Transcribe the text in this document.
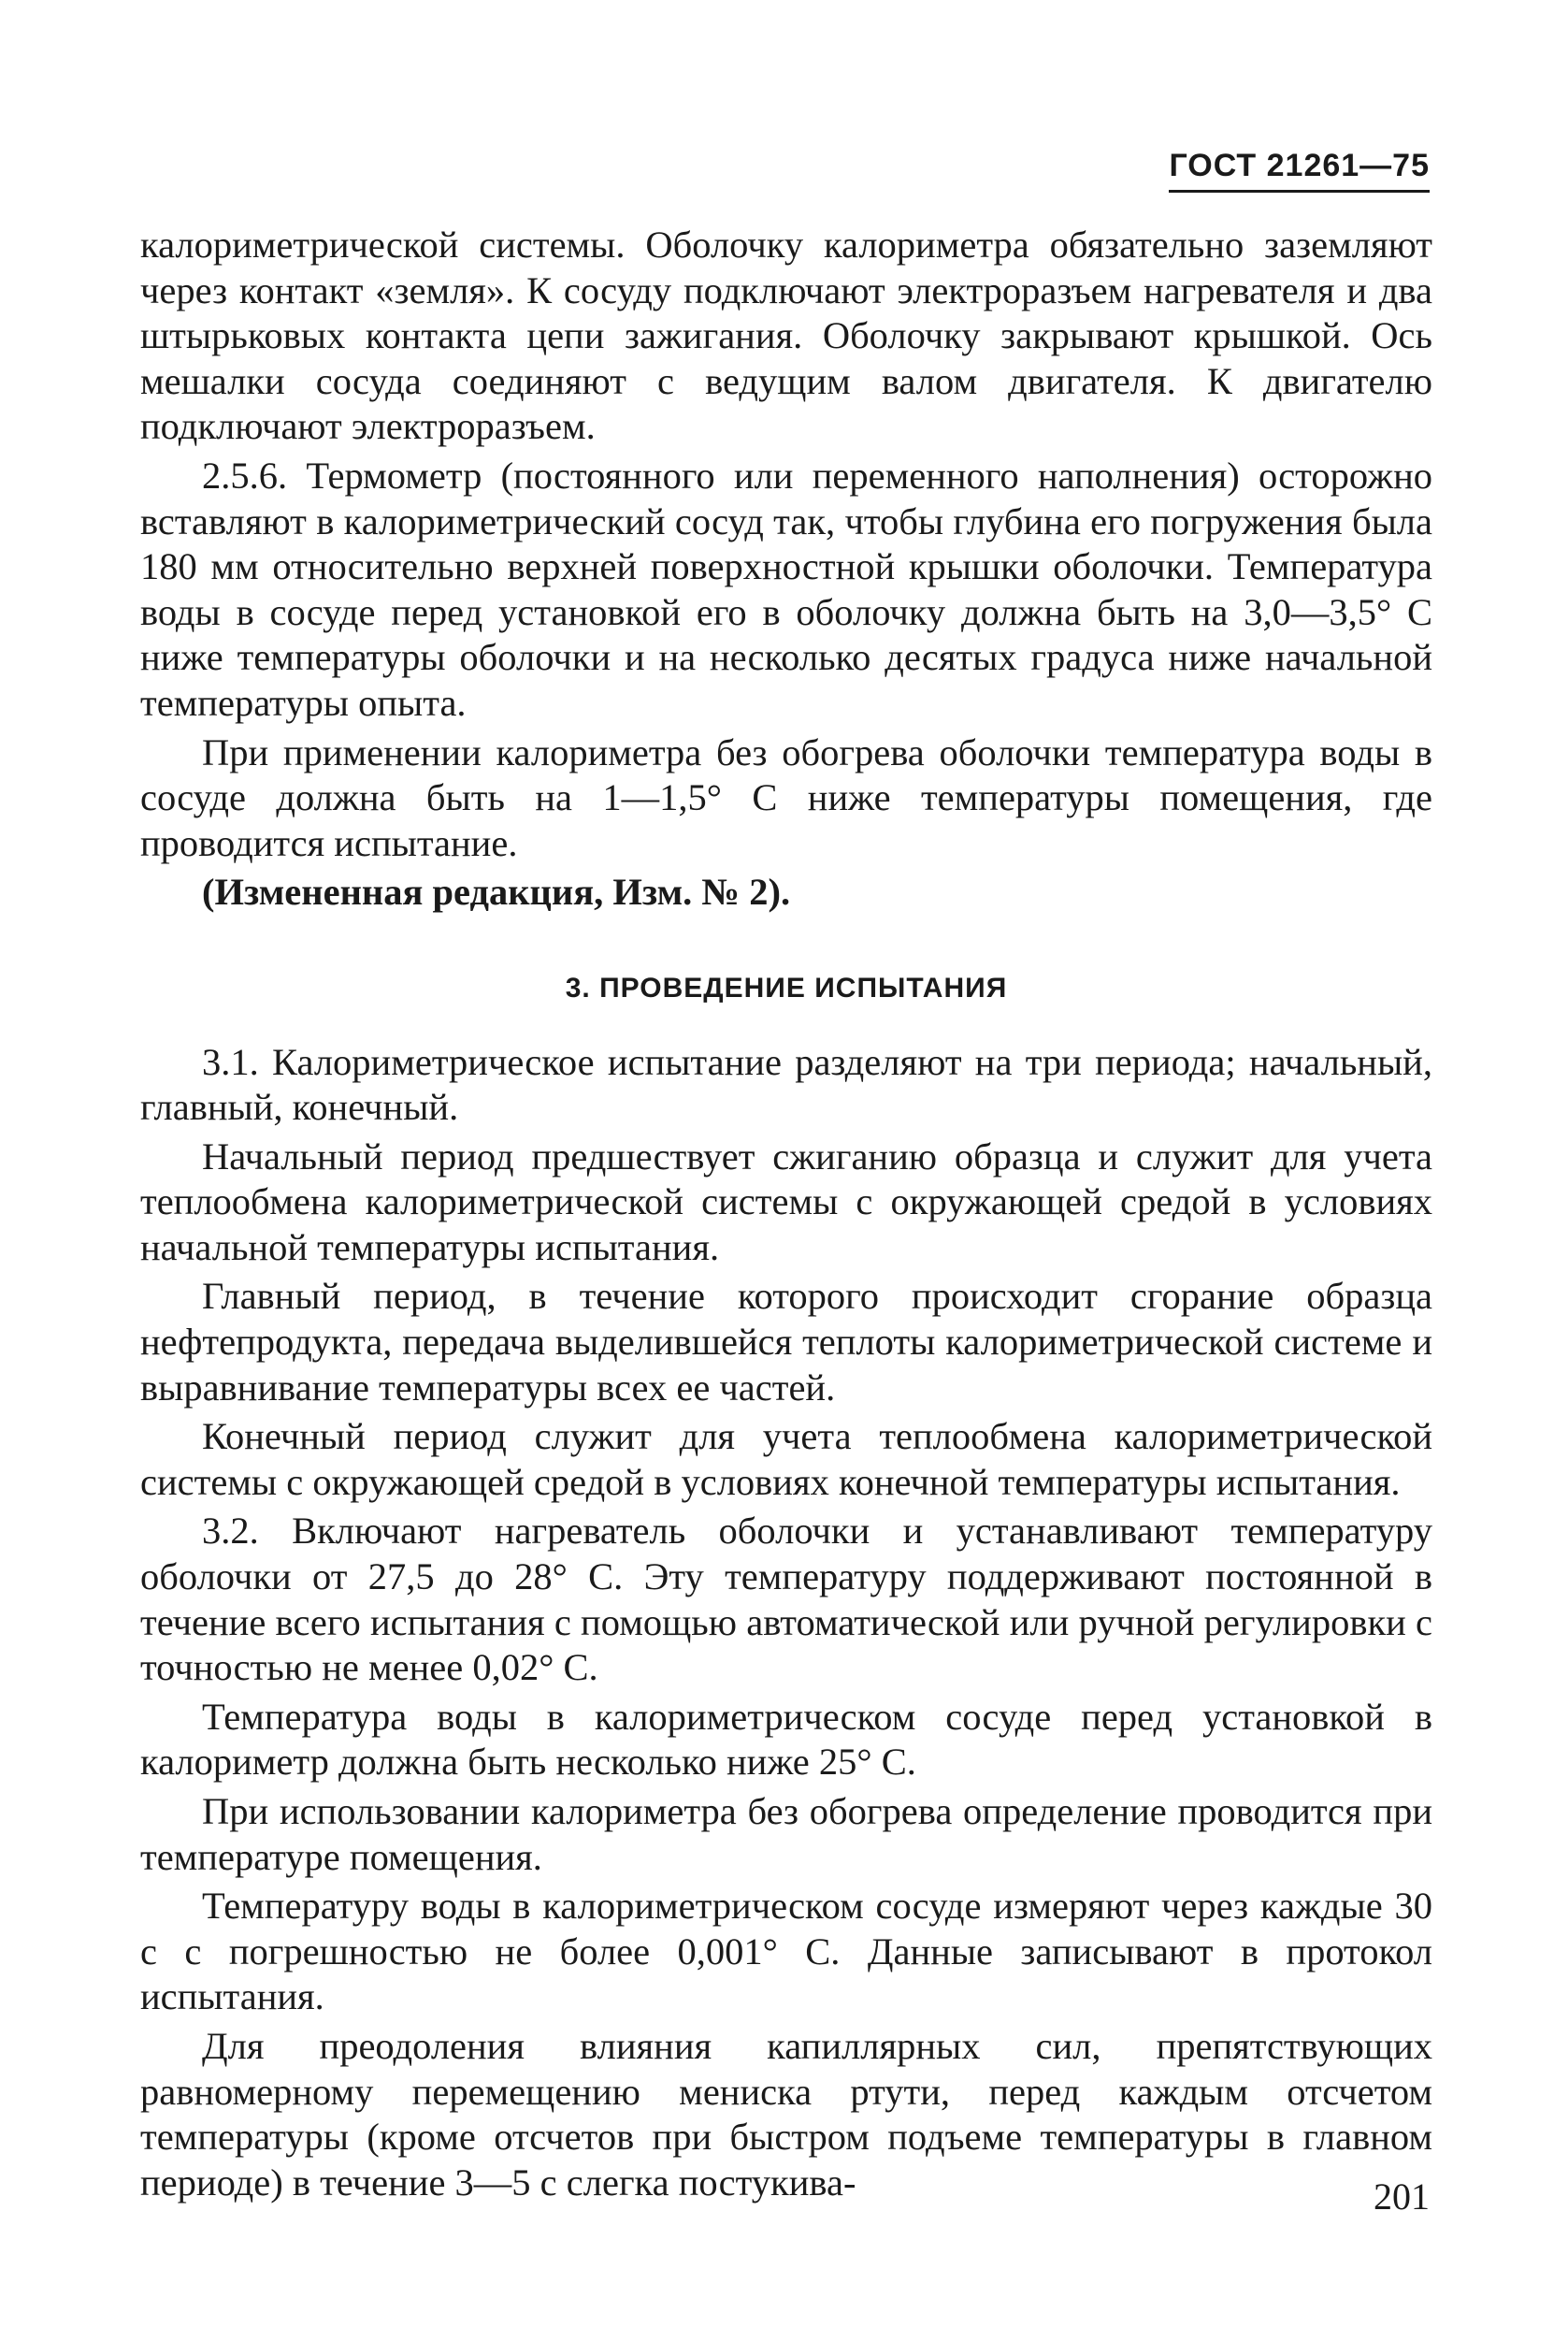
ГОСТ 21261—75

калориметрической системы. Оболочку калориметра обязательно заземляют через контакт «земля». К сосуду подключают электроразъем нагревателя и два штырьковых контакта цепи зажигания. Оболочку закрывают крышкой. Ось мешалки сосуда соединяют с ведущим валом двигателя. К двигателю подключают электроразъем.

2.5.6. Термометр (постоянного или переменного наполнения) осторожно вставляют в калориметрический сосуд так, чтобы глубина его погружения была 180 мм относительно верхней поверхностной крышки оболочки. Температура воды в сосуде перед установкой его в оболочку должна быть на 3,0—3,5° С ниже температуры оболочки и на несколько десятых градуса ниже начальной температуры опыта.

При применении калориметра без обогрева оболочки температура воды в сосуде должна быть на 1—1,5° С ниже температуры помещения, где проводится испытание.

(Измененная редакция, Изм. № 2).

3. ПРОВЕДЕНИЕ ИСПЫТАНИЯ

3.1. Калориметрическое испытание разделяют на три периода; начальный, главный, конечный.

Начальный период предшествует сжиганию образца и служит для учета теплообмена калориметрической системы с окружающей средой в условиях начальной температуры испытания.

Главный период, в течение которого происходит сгорание образца нефтепродукта, передача выделившейся теплоты калориметрической системе и выравнивание температуры всех ее частей.

Конечный период служит для учета теплообмена калориметрической системы с окружающей средой в условиях конечной температуры испытания.

3.2. Включают нагреватель оболочки и устанавливают температуру оболочки от 27,5 до 28° С. Эту температуру поддерживают постоянной в течение всего испытания с помощью автоматической или ручной регулировки с точностью не менее 0,02° С.

Температура воды в калориметрическом сосуде перед установкой в калориметр должна быть несколько ниже 25° С.

При использовании калориметра без обогрева определение проводится при температуре помещения.

Температуру воды в калориметрическом сосуде измеряют через каждые 30 с с погрешностью не более 0,001° С. Данные записывают в протокол испытания.

Для преодоления влияния капиллярных сил, препятствующих равномерному перемещению мениска ртути, перед каждым отсчетом температуры (кроме отсчетов при быстром подъеме температуры в главном периоде) в течение 3—5 с слегка постукива-	201
